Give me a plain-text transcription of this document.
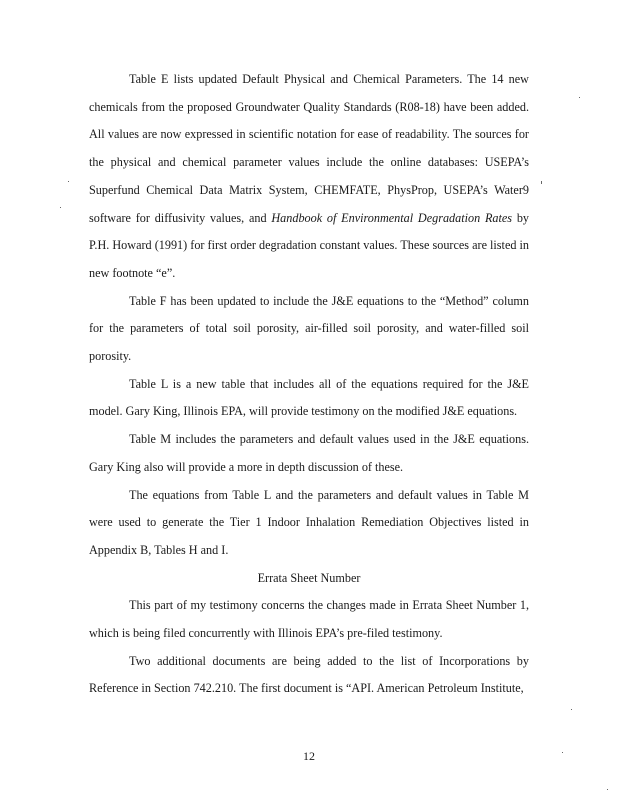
Table E lists updated Default Physical and Chemical Parameters. The 14 new chemicals from the proposed Groundwater Quality Standards (R08-18) have been added. All values are now expressed in scientific notation for ease of readability. The sources for the physical and chemical parameter values include the online databases: USEPA’s Superfund Chemical Data Matrix System, CHEMFATE, PhysProp, USEPA’s Water9 software for diffusivity values, and Handbook of Environmental Degradation Rates by P.H. Howard (1991) for first order degradation constant values. These sources are listed in new footnote “e”.

Table F has been updated to include the J&E equations to the “Method” column for the parameters of total soil porosity, air-filled soil porosity, and water-filled soil porosity.

Table L is a new table that includes all of the equations required for the J&E model. Gary King, Illinois EPA, will provide testimony on the modified J&E equations.

Table M includes the parameters and default values used in the J&E equations. Gary King also will provide a more in depth discussion of these.

The equations from Table L and the parameters and default values in Table M were used to generate the Tier 1 Indoor Inhalation Remediation Objectives listed in Appendix B, Tables H and I.

Errata Sheet Number

This part of my testimony concerns the changes made in Errata Sheet Number 1, which is being filed concurrently with Illinois EPA’s pre-filed testimony.

Two additional documents are being added to the list of Incorporations by Reference in Section 742.210. The first document is “API. American Petroleum Institute,

12
